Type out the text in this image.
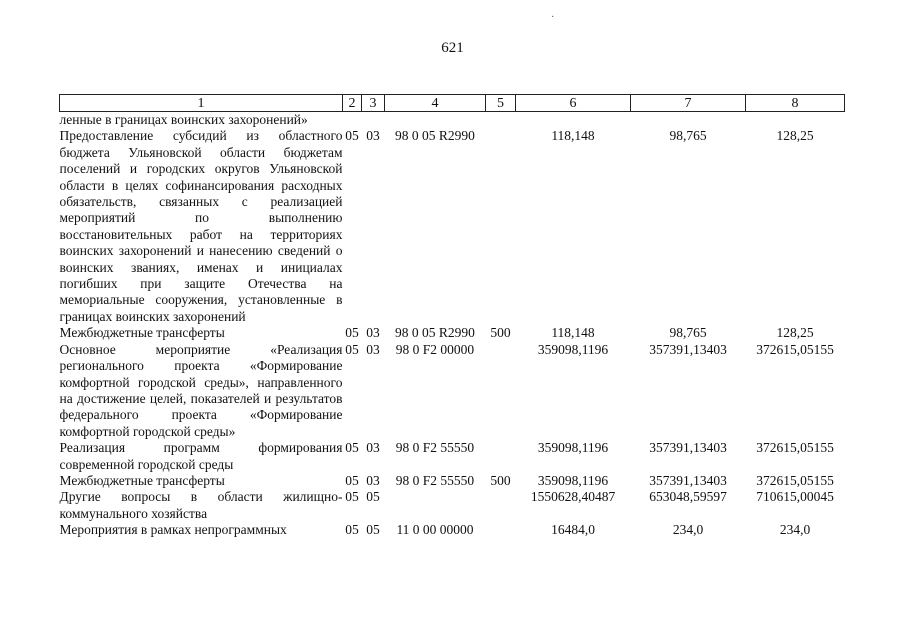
·
621
1	2	3	4	5	6	7	8
ленные в границах воинских захоронений»							
Предоставление субсидий из областного бюджета Ульяновской области бюджетам поселений и городских округов Ульяновской области в целях софинансирования расходных обязательств, связанных с реализацией мероприятий по выполнению восстановительных работ на территориях воинских захоронений и нанесению сведений о воинских званиях, именах и инициалах погибших при защите Отечества на мемориальные сооружения, установленные в границах воинских захоронений	05	03	98 0 05 R2990		118,148	98,765	128,25
Межбюджетные трансферты	05	03	98 0 05 R2990	500	118,148	98,765	128,25
Основное мероприятие «Реализация регионального проекта «Формирование комфортной городской среды», направленного на достижение целей, показателей и результатов федерального проекта «Формирование комфортной городской среды»	05	03	98 0 F2 00000		359098,1196	357391,13403	372615,05155
Реализация программ формирования современной городской среды	05	03	98 0 F2 55550		359098,1196	357391,13403	372615,05155
Межбюджетные трансферты	05	03	98 0 F2 55550	500	359098,1196	357391,13403	372615,05155
Другие вопросы в области жилищно-коммунального хозяйства	05	05			1550628,40487	653048,59597	710615,00045
Мероприятия в рамках непрограммных	05	05	11 0 00 00000		16484,0	234,0	234,0
